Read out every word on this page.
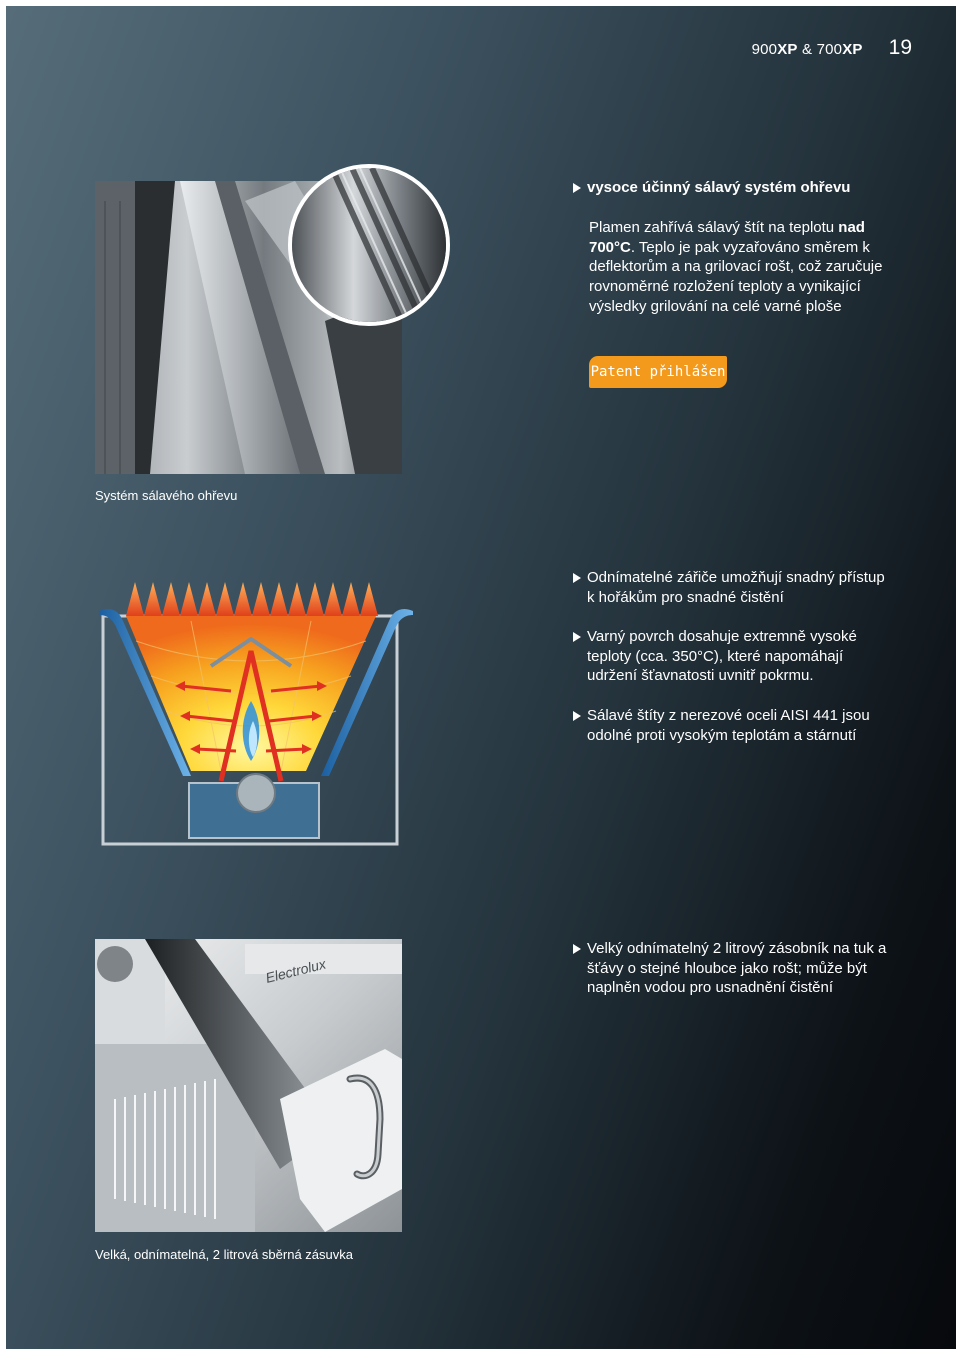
900XP & 700XP 19
vysoce účinný sálavý systém ohřevu
Plamen zahřívá sálavý štít na teplotu nad 700°C. Teplo je pak vyzařováno směrem k deflektorům a na grilovací rošt, což zaručuje rovnoměrné rozložení teploty a vynikající výsledky grilování na celé varné ploše
Patent přihlášen
Systém sálavého ohřevu
Odnímatelné zářiče umožňují snadný přístup k hořákům pro snadné čistění
Varný povrch dosahuje extremně vysoké teploty (cca. 350°C), které napomáhají udržení šťavnatosti uvnitř pokrmu.
Sálavé štíty z nerezové oceli AISI 441 jsou odolné proti vysokým teplotám a stárnutí
Electrolux
Velký odnímatelný 2 litrový zásobník na tuk a šťávy o stejné hloubce jako rošt; může být naplněn vodou pro usnadnění čistění
Velká, odnímatelná, 2 litrová sběrná zásuvka
